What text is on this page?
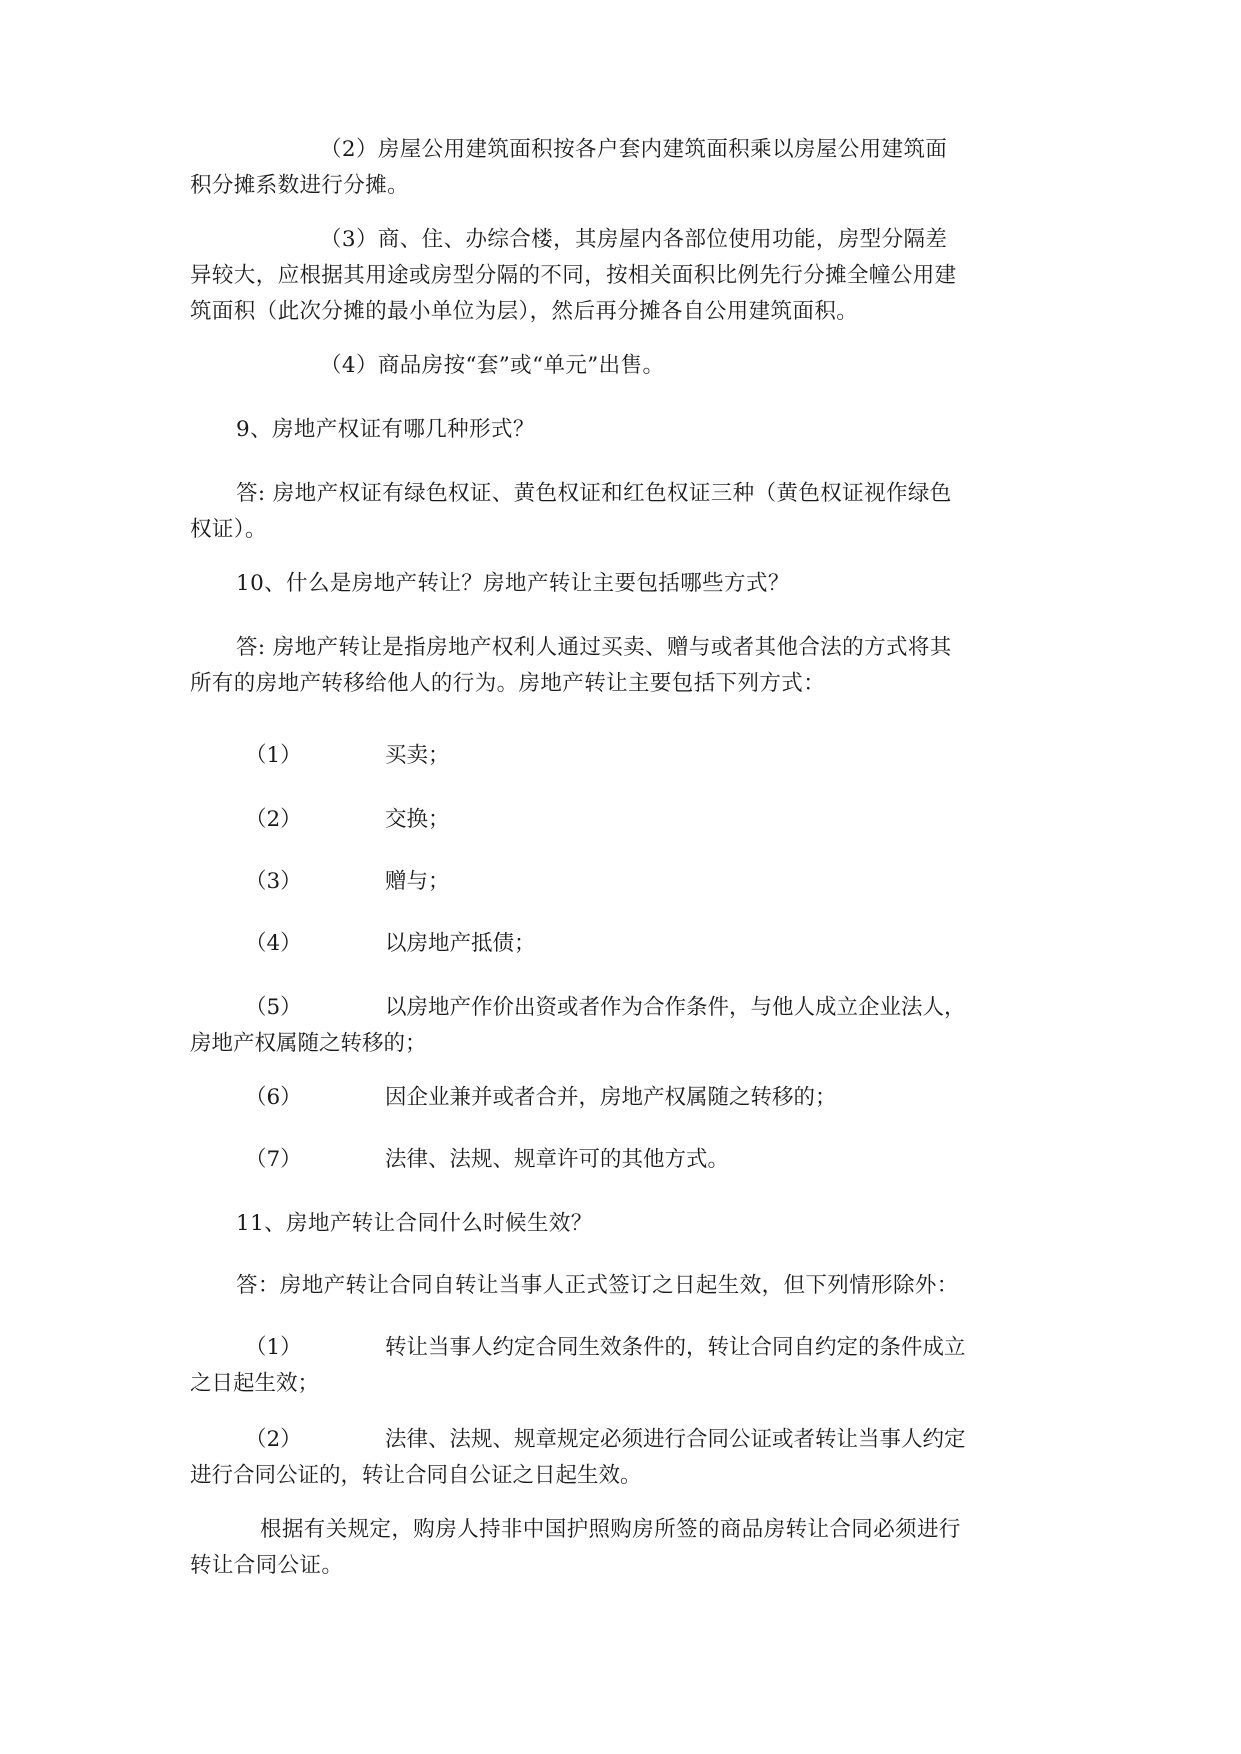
（2）房屋公用建筑面积按各户套内建筑面积乘以房屋公用建筑面
积分摊系数进行分摊。
（3）商、住、办综合楼，其房屋内各部位使用功能，房型分隔差
异较大，应根据其用途或房型分隔的不同，按相关面积比例先行分摊全幢公用建
筑面积（此次分摊的最小单位为层），然后再分摊各自公用建筑面积。
（4）商品房按“套”或“单元”出售。
9、房地产权证有哪几种形式？
答: 房地产权证有绿色权证、黄色权证和红色权证三种（黄色权证视作绿色
权证）。
10、什么是房地产转让？房地产转让主要包括哪些方式？
答: 房地产转让是指房地产权利人通过买卖、赠与或者其他合法的方式将其
所有的房地产转移给他人的行为。房地产转让主要包括下列方式：
（1）	买卖；
（2）	交换；
（3）	赠与；
（4）	以房地产抵债；
（5）	以房地产作价出资或者作为合作条件，与他人成立企业法人，
房地产权属随之转移的；
（6）	因企业兼并或者合并，房地产权属随之转移的；
（7）	法律、法规、规章许可的其他方式。
11、房地产转让合同什么时候生效？
答：房地产转让合同自转让当事人正式签订之日起生效，但下列情形除外：
（1）	转让当事人约定合同生效条件的，转让合同自约定的条件成立
之日起生效；
（2）	法律、法规、规章规定必须进行合同公证或者转让当事人约定
进行合同公证的，转让合同自公证之日起生效。
根据有关规定，购房人持非中国护照购房所签的商品房转让合同必须进行
转让合同公证。
